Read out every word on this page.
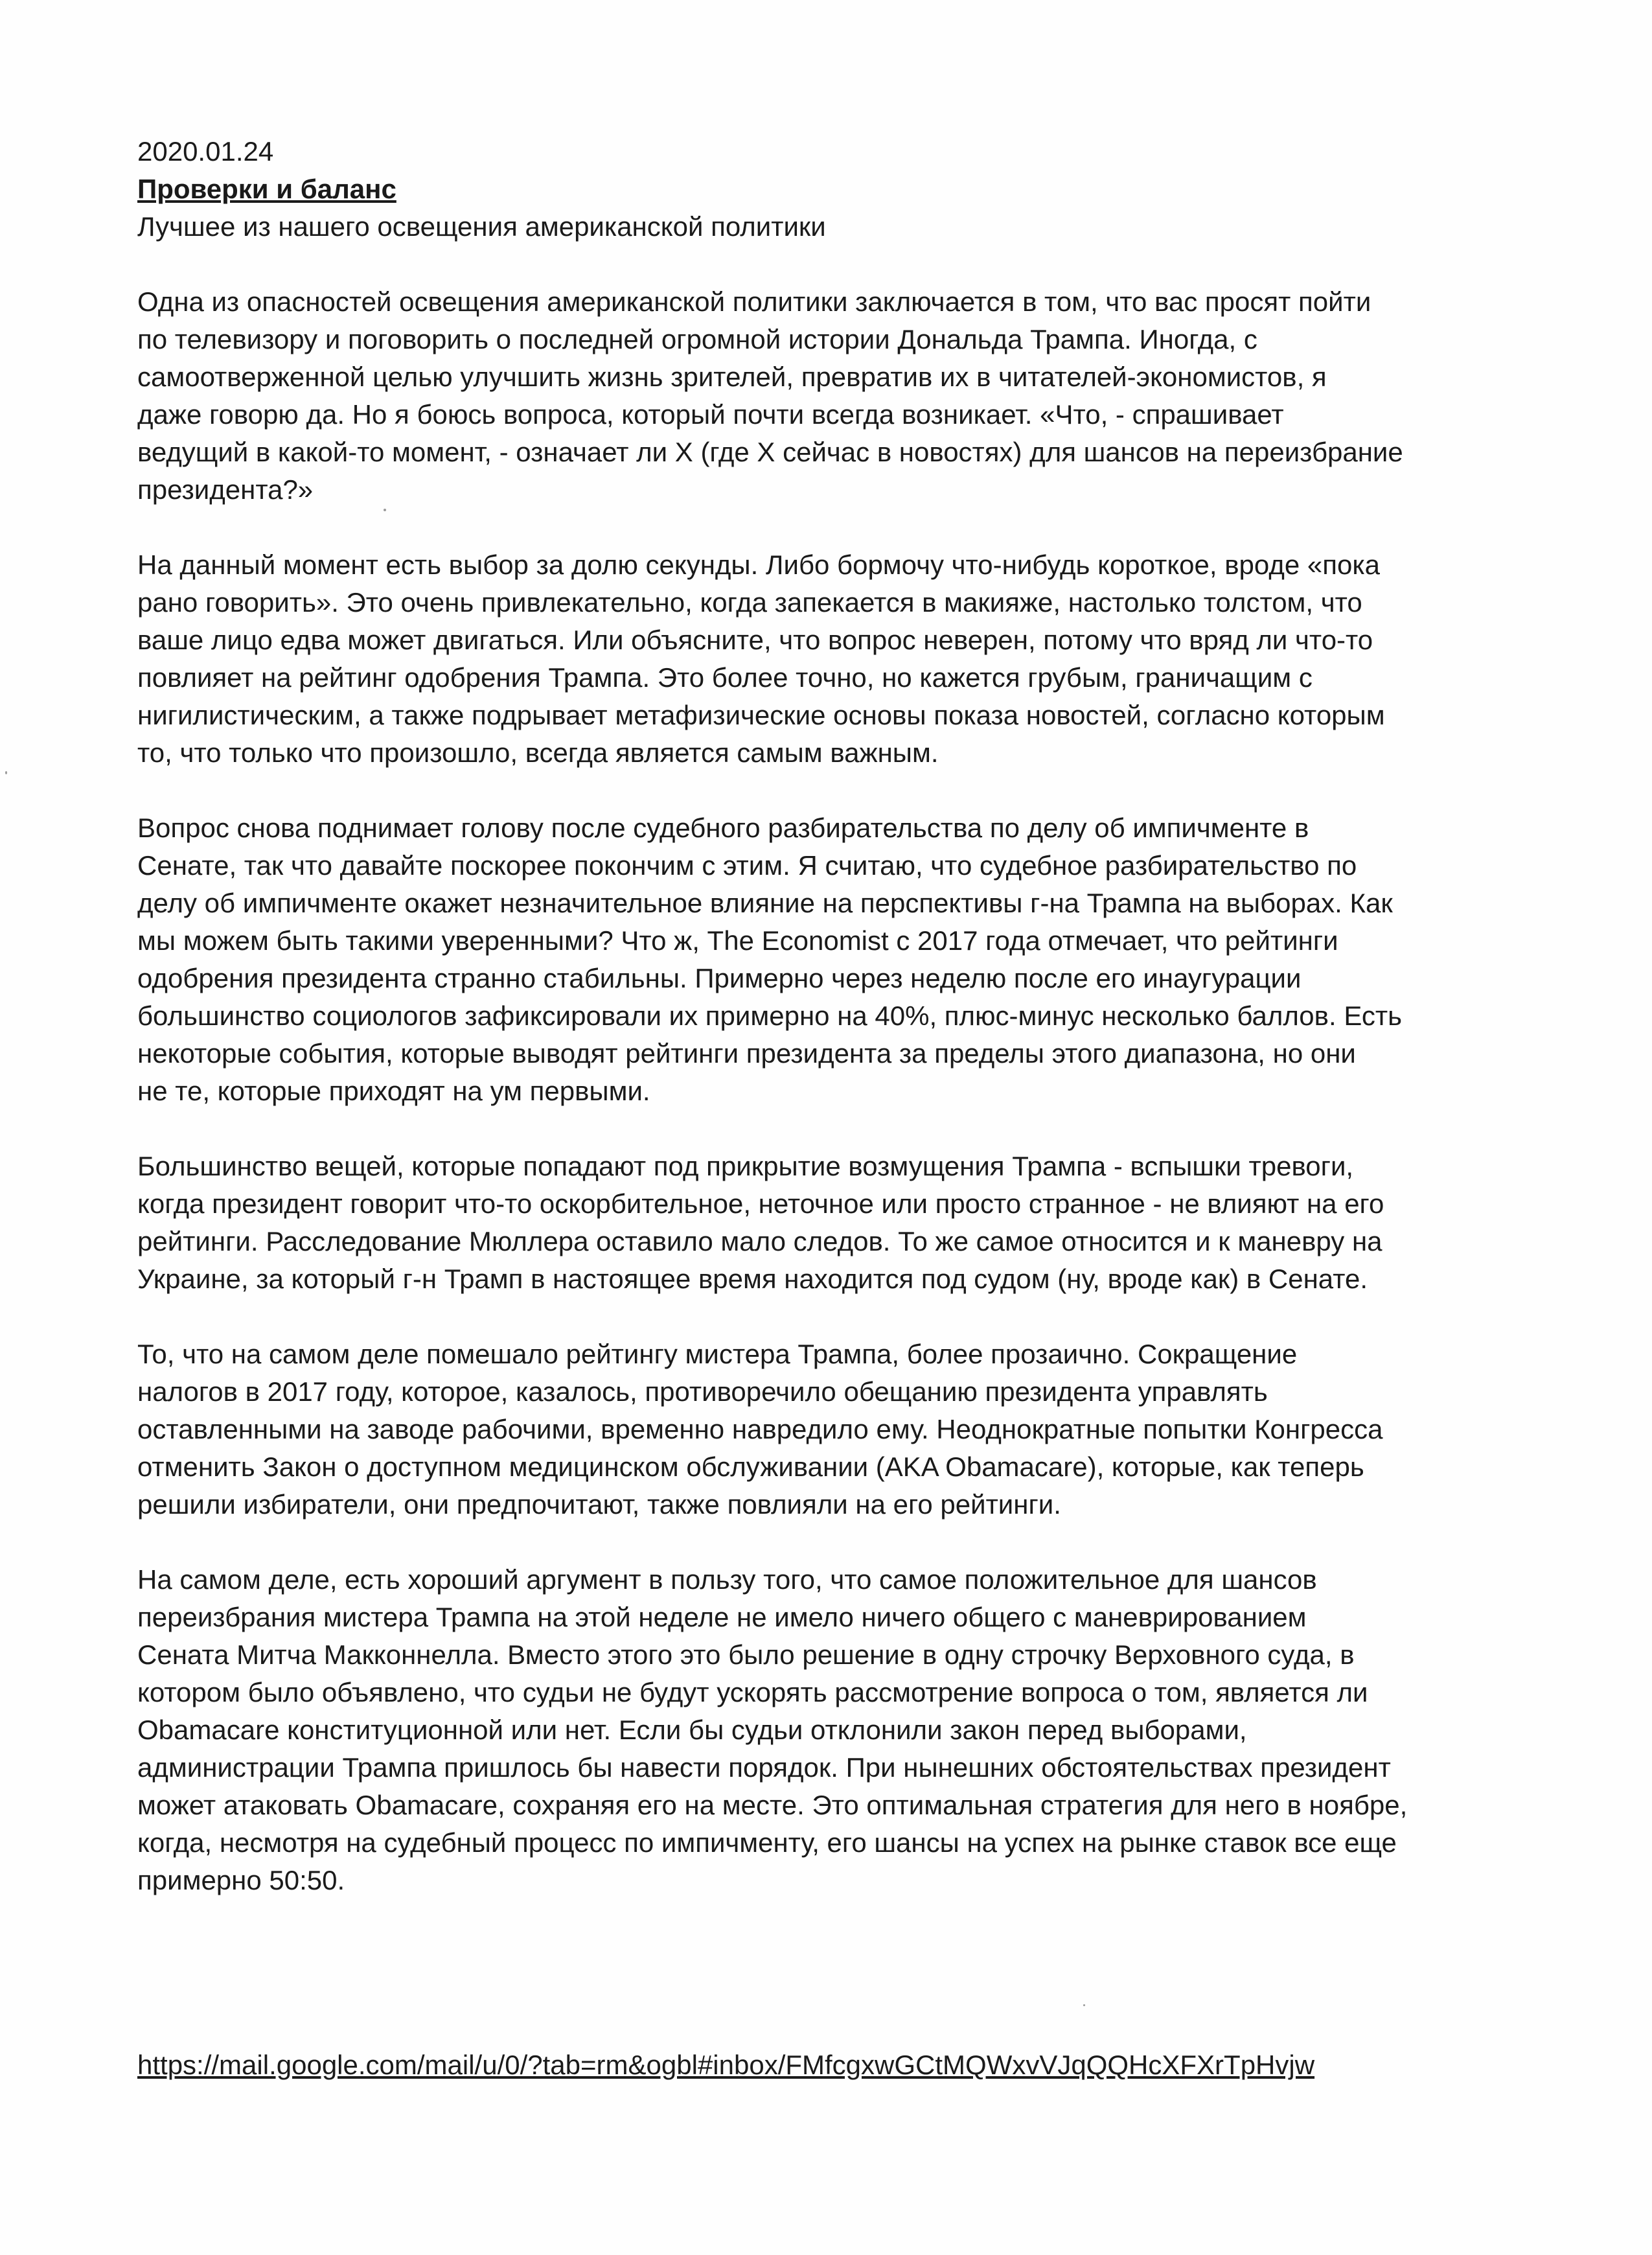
2020.01.24

Проверки и баланс

Лучшее из нашего освещения американской политики

Одна из опасностей освещения американской политики заключается в том, что вас просят пойти
по телевизору и поговорить о последней огромной истории Дональда Трампа. Иногда, с
самоотверженной целью улучшить жизнь зрителей, превратив их в читателей-экономистов, я
даже говорю да. Но я боюсь вопроса, который почти всегда возникает. «Что, - спрашивает
ведущий в какой-то момент, - означает ли X (где X сейчас в новостях) для шансов на переизбрание
президента?»

На данный момент есть выбор за долю секунды. Либо бормочу что-нибудь короткое, вроде «пока
рано говорить». Это очень привлекательно, когда запекается в макияже, настолько толстом, что
ваше лицо едва может двигаться. Или объясните, что вопрос неверен, потому что вряд ли что-то
повлияет на рейтинг одобрения Трампа. Это более точно, но кажется грубым, граничащим с
нигилистическим, а также подрывает метафизические основы показа новостей, согласно которым
то, что только что произошло, всегда является самым важным.

Вопрос снова поднимает голову после судебного разбирательства по делу об импичменте в
Сенате, так что давайте поскорее покончим с этим. Я считаю, что судебное разбирательство по
делу об импичменте окажет незначительное влияние на перспективы г-на Трампа на выборах. Как
мы можем быть такими уверенными? Что ж, The Economist с 2017 года отмечает, что рейтинги
одобрения президента странно стабильны. Примерно через неделю после его инаугурации
большинство социологов зафиксировали их примерно на 40%, плюс-минус несколько баллов. Есть
некоторые события, которые выводят рейтинги президента за пределы этого диапазона, но они
не те, которые приходят на ум первыми.

Большинство вещей, которые попадают под прикрытие возмущения Трампа - вспышки тревоги,
когда президент говорит что-то оскорбительное, неточное или просто странное - не влияют на его
рейтинги. Расследование Мюллера оставило мало следов. То же самое относится и к маневру на
Украине, за который г-н Трамп в настоящее время находится под судом (ну, вроде как) в Сенате.

То, что на самом деле помешало рейтингу мистера Трампа, более прозаично. Сокращение
налогов в 2017 году, которое, казалось, противоречило обещанию президента управлять
оставленными на заводе рабочими, временно навредило ему. Неоднократные попытки Конгресса
отменить Закон о доступном медицинском обслуживании (AKA Obamacare), которые, как теперь
решили избиратели, они предпочитают, также повлияли на его рейтинги.

На самом деле, есть хороший аргумент в пользу того, что самое положительное для шансов
переизбрания мистера Трампа на этой неделе не имело ничего общего с маневрированием
Сената Митча Макконнелла. Вместо этого это было решение в одну строчку Верховного суда, в
котором было объявлено, что судьи не будут ускорять рассмотрение вопроса о том, является ли
Obamacare конституционной или нет. Если бы судьи отклонили закон перед выборами,
администрации Трампа пришлось бы навести порядок. При нынешних обстоятельствах президент
может атаковать Obamacare, сохраняя его на месте. Это оптимальная стратегия для него в ноябре,
когда, несмотря на судебный процесс по импичменту, его шансы на успех на рынке ставок все еще
примерно 50:50.

https://mail.google.com/mail/u/0/?tab=rm&ogbl#inbox/FMfcgxwGCtMQWxvVJqQQHcXFXrTpHvjw
